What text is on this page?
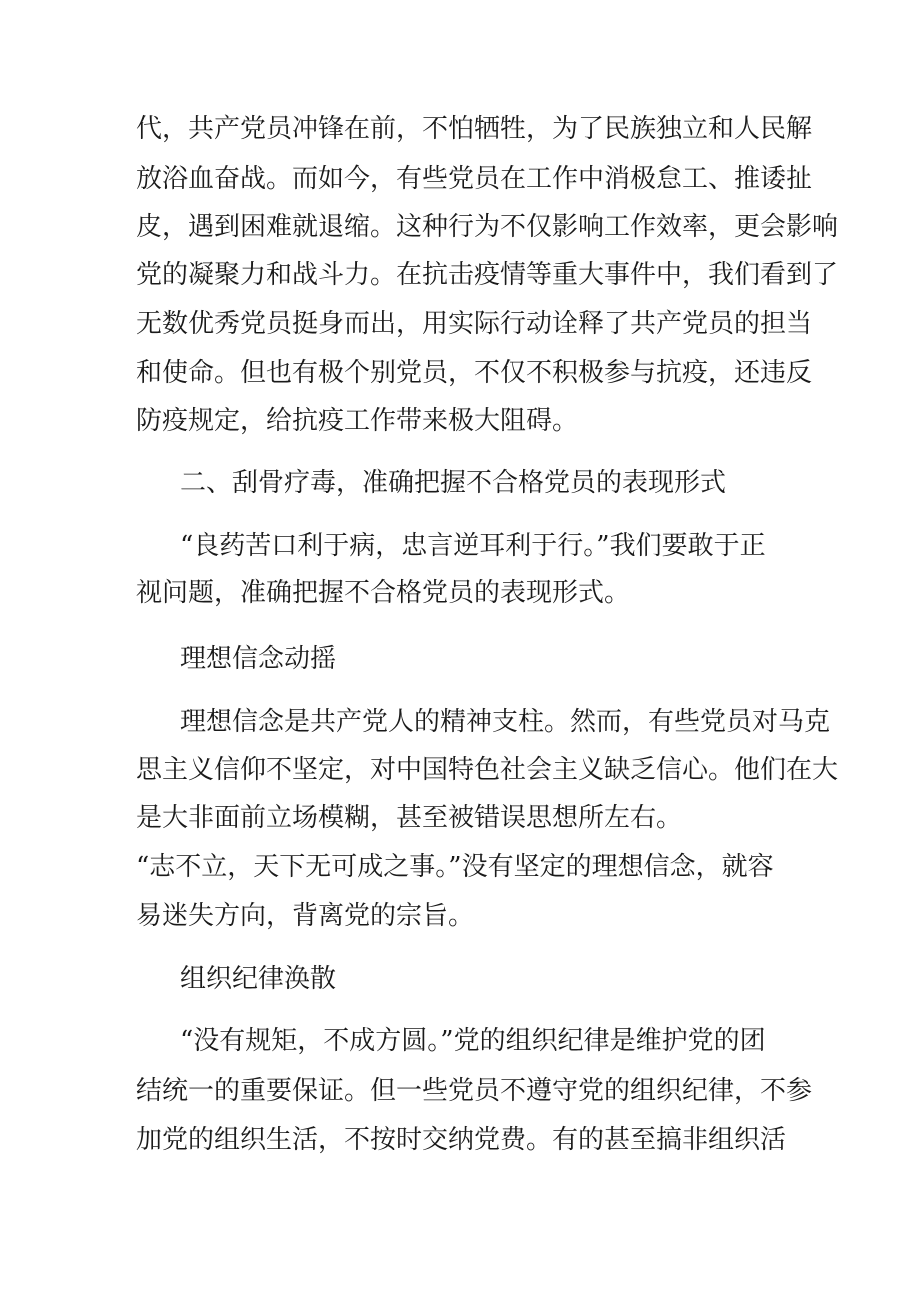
代，共产党员冲锋在前，不怕牺牲，为了民族独立和人民解
放浴血奋战。而如今，有些党员在工作中消极怠工、推诿扯
皮，遇到困难就退缩。这种行为不仅影响工作效率，更会影响
党的凝聚力和战斗力。在抗击疫情等重大事件中，我们看到了
无数优秀党员挺身而出，用实际行动诠释了共产党员的担当
和使命。但也有极个别党员，不仅不积极参与抗疫，还违反
防疫规定，给抗疫工作带来极大阻碍。
二、刮骨疗毒，准确把握不合格党员的表现形式
“良药苦口利于病，忠言逆耳利于行。”我们要敢于正
视问题，准确把握不合格党员的表现形式。
理想信念动摇
理想信念是共产党人的精神支柱。然而，有些党员对马克
思主义信仰不坚定，对中国特色社会主义缺乏信心。他们在大
是大非面前立场模糊，甚至被错误思想所左右。
“志不立，天下无可成之事。”没有坚定的理想信念，就容
易迷失方向，背离党的宗旨。
组织纪律涣散
“没有规矩，不成方圆。”党的组织纪律是维护党的团
结统一的重要保证。但一些党员不遵守党的组织纪律，不参
加党的组织生活，不按时交纳党费。有的甚至搞非组织活
